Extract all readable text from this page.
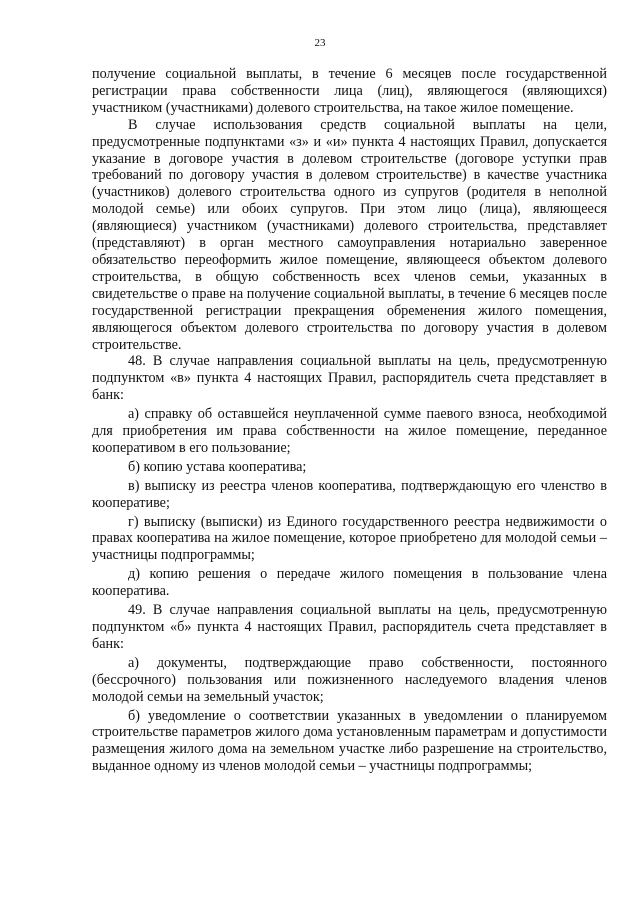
23

получение социальной выплаты, в течение 6 месяцев после государственной регистрации права собственности лица (лиц), являющегося (являющихся) участником (участниками) долевого строительства, на такое жилое помещение.

В случае использования средств социальной выплаты на цели, предусмотренные подпунктами «з» и «и» пункта 4 настоящих Правил, допускается указание в договоре участия в долевом строительстве (договоре уступки прав требований по договору участия в долевом строительстве) в качестве участника (участников) долевого строительства одного из супругов (родителя в неполной молодой семье) или обоих супругов. При этом лицо (лица), являющееся (являющиеся) участником (участниками) долевого строительства, представляет (представляют) в орган местного самоуправления нотариально заверенное обязательство переоформить жилое помещение, являющееся объектом долевого строительства, в общую собственность всех членов семьи, указанных в свидетельстве о праве на получение социальной выплаты, в течение 6 месяцев после государственной регистрации прекращения обременения жилого помещения, являющегося объектом долевого строительства по договору участия в долевом строительстве.

48. В случае направления социальной выплаты на цель, предусмотренную подпунктом «в» пункта 4 настоящих Правил, распорядитель счета представляет в банк:

а) справку об оставшейся неуплаченной сумме паевого взноса, необходимой для приобретения им права собственности на жилое помещение, переданное кооперативом в его пользование;

б) копию устава кооператива;

в) выписку из реестра членов кооператива, подтверждающую его членство в кооперативе;

г) выписку (выписки) из Единого государственного реестра недвижимости о правах кооператива на жилое помещение, которое приобретено для молодой семьи – участницы подпрограммы;

д) копию решения о передаче жилого помещения в пользование члена кооператива.

49. В случае направления социальной выплаты на цель, предусмотренную подпунктом «б» пункта 4 настоящих Правил, распорядитель счета представляет в банк:

а) документы, подтверждающие право собственности, постоянного (бессрочного) пользования или пожизненного наследуемого владения членов молодой семьи на земельный участок;

б) уведомление о соответствии указанных в уведомлении о планируемом строительстве параметров жилого дома установленным параметрам и допустимости размещения жилого дома на земельном участке либо разрешение на строительство, выданное одному из членов молодой семьи – участницы подпрограммы;
